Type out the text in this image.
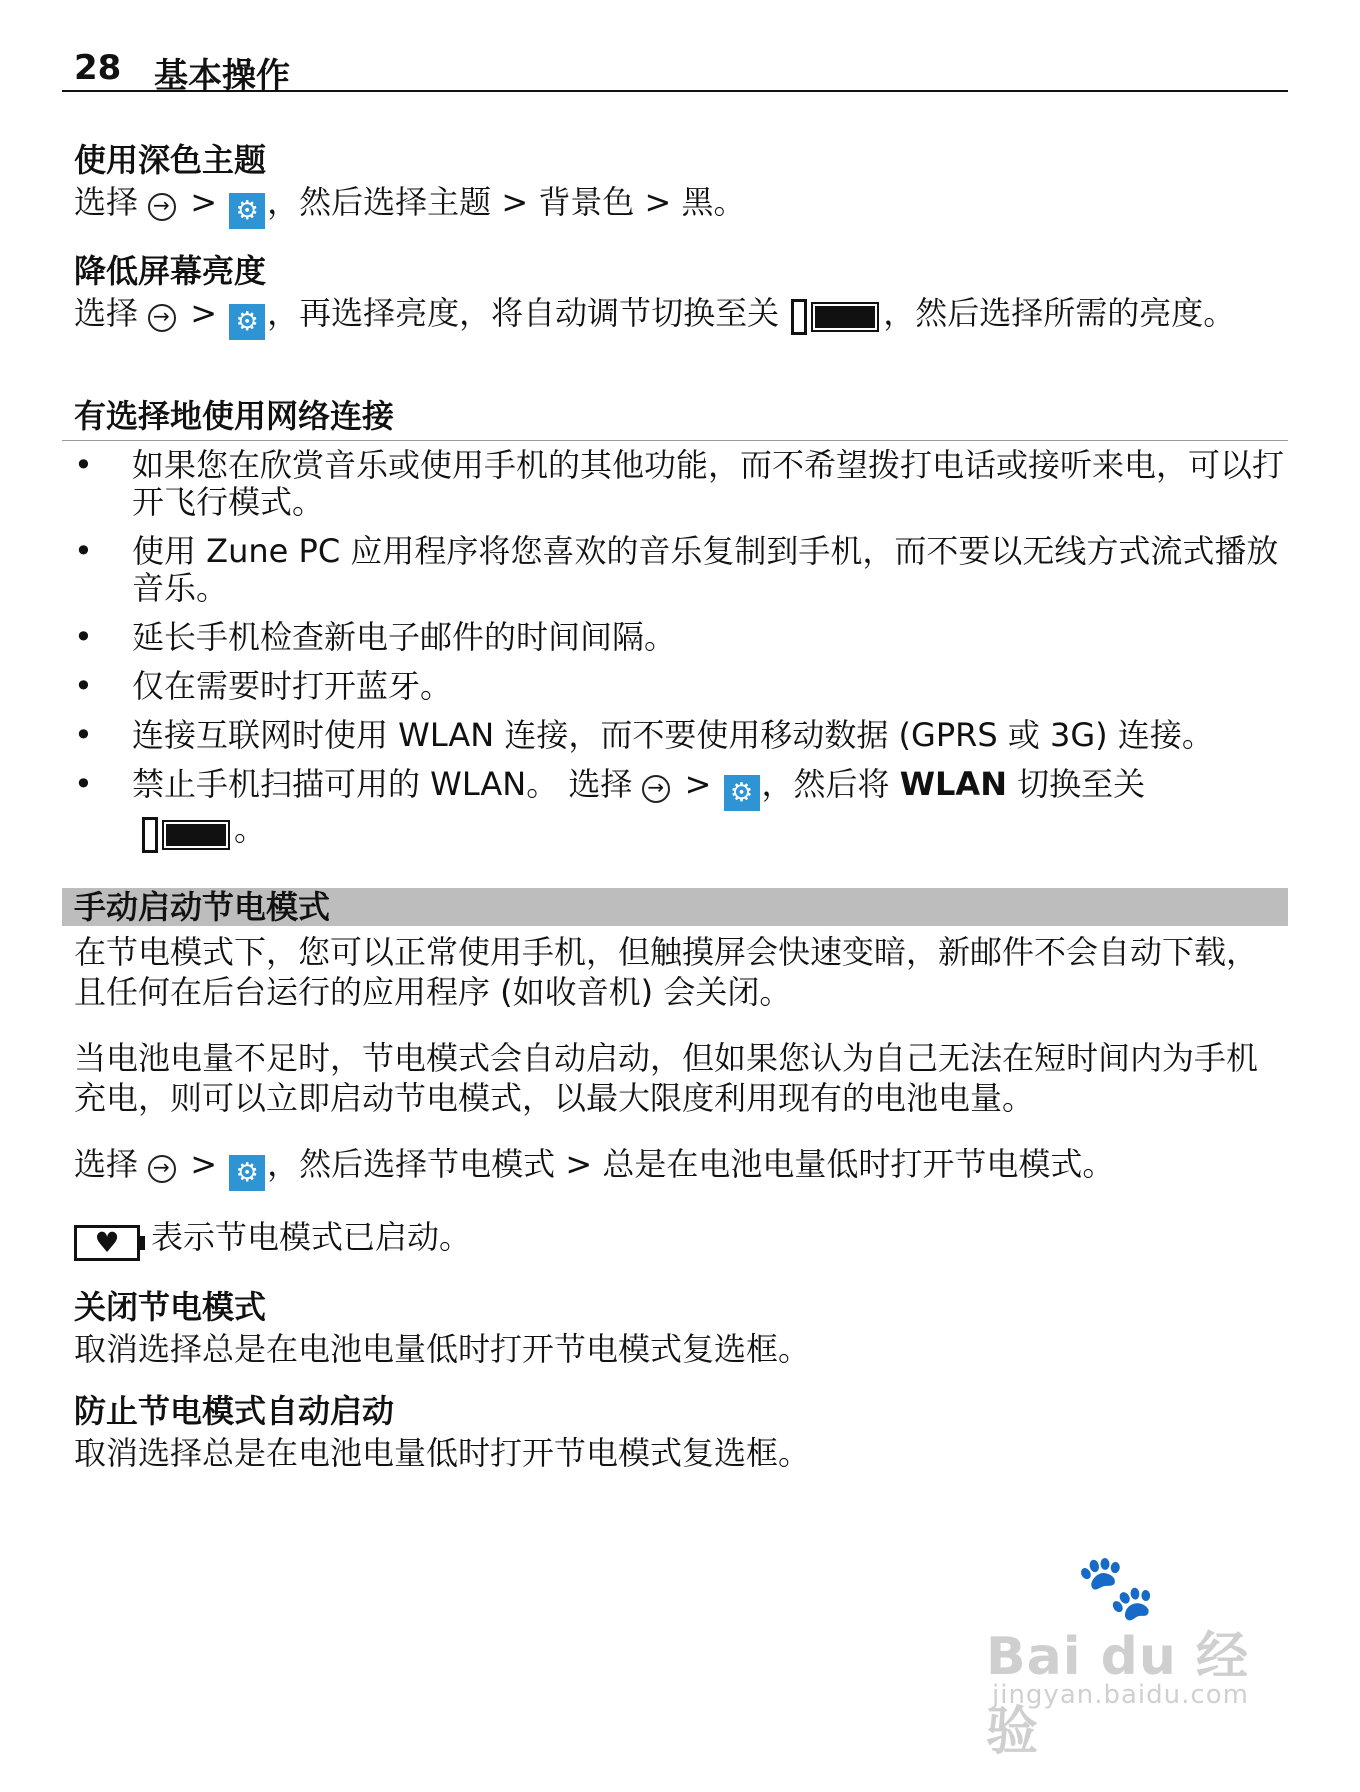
28 基本操作
使用深色主题
选择 → > ⚙ ，然后选择主题 > 背景色 > 黑。
降低屏幕亮度
选择 → > ⚙ ，再选择亮度，将自动调节切换至关	，然后选择所需的亮度。
有选择地使用网络连接
• 如果您在欣赏音乐或使用手机的其他功能，而不希望拨打电话或接听来电，可以打开飞行模式。
• 使用 Zune PC 应用程序将您喜欢的音乐复制到手机，而不要以无线方式流式播放音乐。
• 延长手机检查新电子邮件的时间间隔。
• 仅在需要时打开蓝牙。
• 连接互联网时使用 WLAN 连接，而不要使用移动数据 (GPRS 或 3G) 连接。
• 禁止手机扫描可用的 WLAN。 选择 → > ⚙ ，然后将 WLAN 切换至关
。
手动启动节电模式
在节电模式下，您可以正常使用手机，但触摸屏会快速变暗，新邮件不会自动下载，且任何在后台运行的应用程序 (如收音机) 会关闭。
当电池电量不足时，节电模式会自动启动，但如果您认为自己无法在短时间内为手机充电，则可以立即启动节电模式，以最大限度利用现有的电池电量。
选择 → > ⚙ ，然后选择节电模式 > 总是在电池电量低时打开节电模式。
♥ 表示节电模式已启动。
关闭节电模式
取消选择总是在电池电量低时打开节电模式复选框。
防止节电模式自动启动
取消选择总是在电池电量低时打开节电模式复选框。
🐾
Bai du 经验
jingyan.baidu.com
